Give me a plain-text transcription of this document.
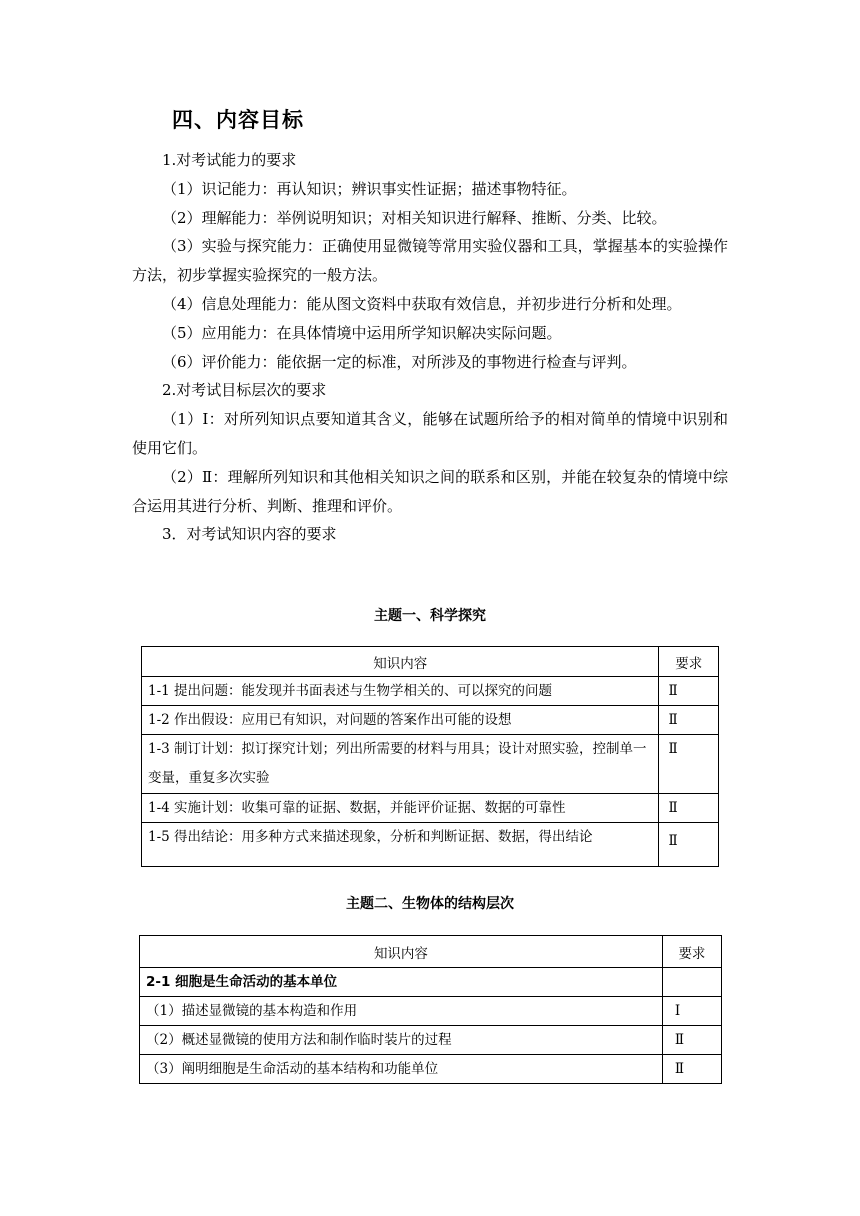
四、内容目标

1.对考试能力的要求

（1）识记能力：再认知识；辨识事实性证据；描述事物特征。

（2）理解能力：举例说明知识；对相关知识进行解释、推断、分类、比较。

（3）实验与探究能力：正确使用显微镜等常用实验仪器和工具，掌握基本的实验操作方法，初步掌握实验探究的一般方法。

（4）信息处理能力：能从图文资料中获取有效信息，并初步进行分析和处理。

（5）应用能力：在具体情境中运用所学知识解决实际问题。

（6）评价能力：能依据一定的标准，对所涉及的事物进行检查与评判。

2.对考试目标层次的要求

（1）Ⅰ：对所列知识点要知道其含义，能够在试题所给予的相对简单的情境中识别和使用它们。

（2）Ⅱ：理解所列知识和其他相关知识之间的联系和区别，并能在较复杂的情境中综合运用其进行分析、判断、推理和评价。

3．对考试知识内容的要求

主题一、科学探究
知识内容	要求
1-1 提出问题：能发现并书面表述与生物学相关的、可以探究的问题	Ⅱ
1-2 作出假设：应用已有知识，对问题的答案作出可能的设想	Ⅱ
1-3 制订计划：拟订探究计划；列出所需要的材料与用具；设计对照实验，控制单一变量，重复多次实验	Ⅱ
1-4 实施计划：收集可靠的证据、数据，并能评价证据、数据的可靠性	Ⅱ
1-5 得出结论：用多种方式来描述现象，分析和判断证据、数据，得出结论	Ⅱ
主题二、生物体的结构层次
知识内容	要求
2-1 细胞是生命活动的基本单位	
（1）描述显微镜的基本构造和作用	Ⅰ
（2）概述显微镜的使用方法和制作临时装片的过程	Ⅱ
（3）阐明细胞是生命活动的基本结构和功能单位	Ⅱ
